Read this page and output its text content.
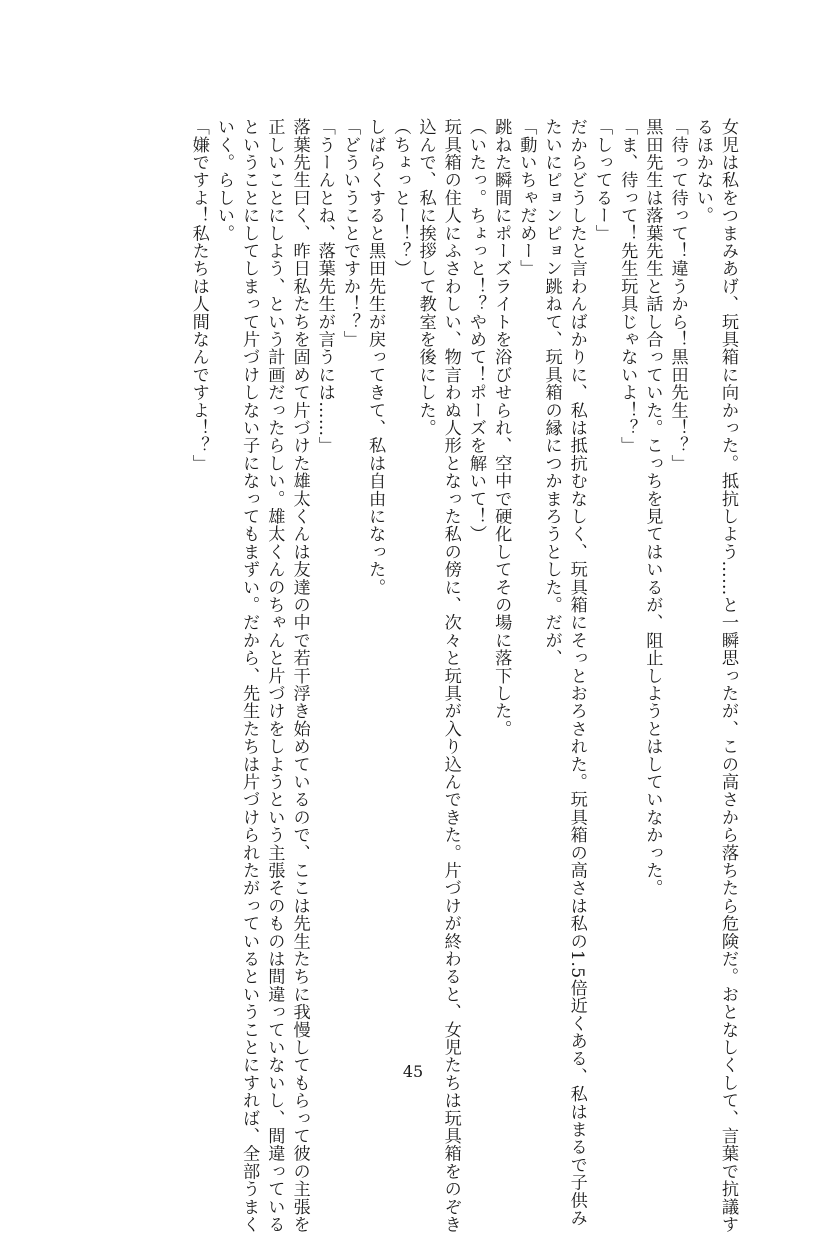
女児は私をつまみあげ、玩具箱に向かった。抵抗しよう……と一瞬思ったが、この高さから落ちたら危険だ。おとなしくして、言葉で抗議す
るほかない。
「待って待って！違うから！黒田先生！？」
黒田先生は落葉先生と話し合っていた。こっちを見てはいるが、阻止しようとはしていなかった。
「ま、待って！先生玩具じゃないよ！？」
「しってるー」
だからどうしたと言わんばかりに、私は抵抗むなしく、玩具箱にそっとおろされた。玩具箱の高さは私の1.5倍近くある、私はまるで子供み
たいにピョンピョン跳ねて、玩具箱の縁につかまろうとした。だが、
「動いちゃだめー」
跳ねた瞬間にポーズライトを浴びせられ、空中で硬化してその場に落下した。
（いたっ。ちょっと！？やめて！ポーズを解いて！）
玩具箱の住人にふさわしい、物言わぬ人形となった私の傍に、次々と玩具が入り込んできた。片づけが終わると、女児たちは玩具箱をのぞき
込んで、私に挨拶して教室を後にした。
（ちょっとー！？）
しばらくすると黒田先生が戻ってきて、私は自由になった。
「どういうことですか！？」
「うーんとね、落葉先生が言うには……」
落葉先生曰く、昨日私たちを固めて片づけた雄太くんは友達の中で若干浮き始めているので、ここは先生たちに我慢してもらって彼の主張を
正しいことにしよう、という計画だったらしい。雄太くんのちゃんと片づけをしようという主張そのものは間違っていないし、間違っている
ということにしてしまって片づけしない子になってもまずい。だから、先生たちは片づけられたがっているということにすれば、全部うまく
いく。らしい。
「嫌ですよ！私たちは人間なんですよ！？」
45
